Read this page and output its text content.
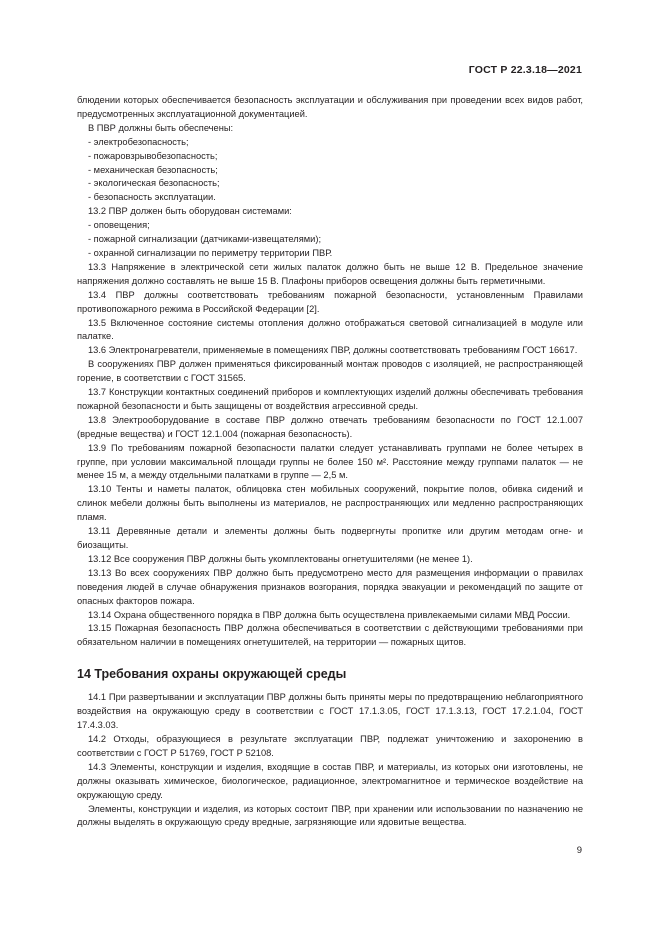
ГОСТ Р 22.3.18—2021

блюдении которых обеспечивается безопасность эксплуатации и обслуживания при проведении всех видов работ, предусмотренных эксплуатационной документацией.

В ПВР должны быть обеспечены:

- электробезопасность;

- пожаровзрывобезопасность;

- механическая безопасность;

- экологическая безопасность;

- безопасность эксплуатации.

13.2 ПВР должен быть оборудован системами:

- оповещения;

- пожарной сигнализации (датчиками-извещателями);

- охранной сигнализации по периметру территории ПВР.

13.3 Напряжение в электрической сети жилых палаток должно быть не выше 12 В. Предельное значение напряжения должно составлять не выше 15 В. Плафоны приборов освещения должны быть герметичными.

13.4 ПВР должны соответствовать требованиям пожарной безопасности, установленным Правилами противопожарного режима в Российской Федерации [2].

13.5 Включенное состояние системы отопления должно отображаться световой сигнализацией в модуле или палатке.

13.6 Электронагреватели, применяемые в помещениях ПВР, должны соответствовать требованиям ГОСТ 16617.

В сооружениях ПВР должен применяться фиксированный монтаж проводов с изоляцией, не распространяющей горение, в соответствии с ГОСТ 31565.

13.7 Конструкции контактных соединений приборов и комплектующих изделий должны обеспечивать требования пожарной безопасности и быть защищены от воздействия агрессивной среды.

13.8 Электрооборудование в составе ПВР должно отвечать требованиям безопасности по ГОСТ 12.1.007 (вредные вещества) и ГОСТ 12.1.004 (пожарная безопасность).

13.9 По требованиям пожарной безопасности палатки следует устанавливать группами не более четырех в группе, при условии максимальной площади группы не более 150 м². Расстояние между группами палаток — не менее 15 м, а между отдельными палатками в группе — 2,5 м.

13.10 Тенты и наметы палаток, облицовка стен мобильных сооружений, покрытие полов, обивка сидений и слинок мебели должны быть выполнены из материалов, не распространяющих или медленно распространяющих пламя.

13.11 Деревянные детали и элементы должны быть подвергнуты пропитке или другим методам огне- и биозащиты.

13.12 Все сооружения ПВР должны быть укомплектованы огнетушителями (не менее 1).

13.13 Во всех сооружениях ПВР должно быть предусмотрено место для размещения информации о правилах поведения людей в случае обнаружения признаков возгорания, порядка эвакуации и рекомендаций по защите от опасных факторов пожара.

13.14 Охрана общественного порядка в ПВР должна быть осуществлена привлекаемыми силами МВД России.

13.15 Пожарная безопасность ПВР должна обеспечиваться в соответствии с действующими требованиями при обязательном наличии в помещениях огнетушителей, на территории — пожарных щитов.

14 Требования охраны окружающей среды

14.1 При развертывании и эксплуатации ПВР должны быть приняты меры по предотвращению неблагоприятного воздействия на окружающую среду в соответствии с ГОСТ 17.1.3.05, ГОСТ 17.1.3.13, ГОСТ 17.2.1.04, ГОСТ 17.4.3.03.

14.2 Отходы, образующиеся в результате эксплуатации ПВР, подлежат уничтожению и захоронению в соответствии с ГОСТ Р 51769, ГОСТ Р 52108.

14.3 Элементы, конструкции и изделия, входящие в состав ПВР, и материалы, из которых они изготовлены, не должны оказывать химическое, биологическое, радиационное, электромагнитное и термическое воздействие на окружающую среду.

Элементы, конструкции и изделия, из которых состоит ПВР, при хранении или использовании по назначению не должны выделять в окружающую среду вредные, загрязняющие или ядовитые вещества.

9
